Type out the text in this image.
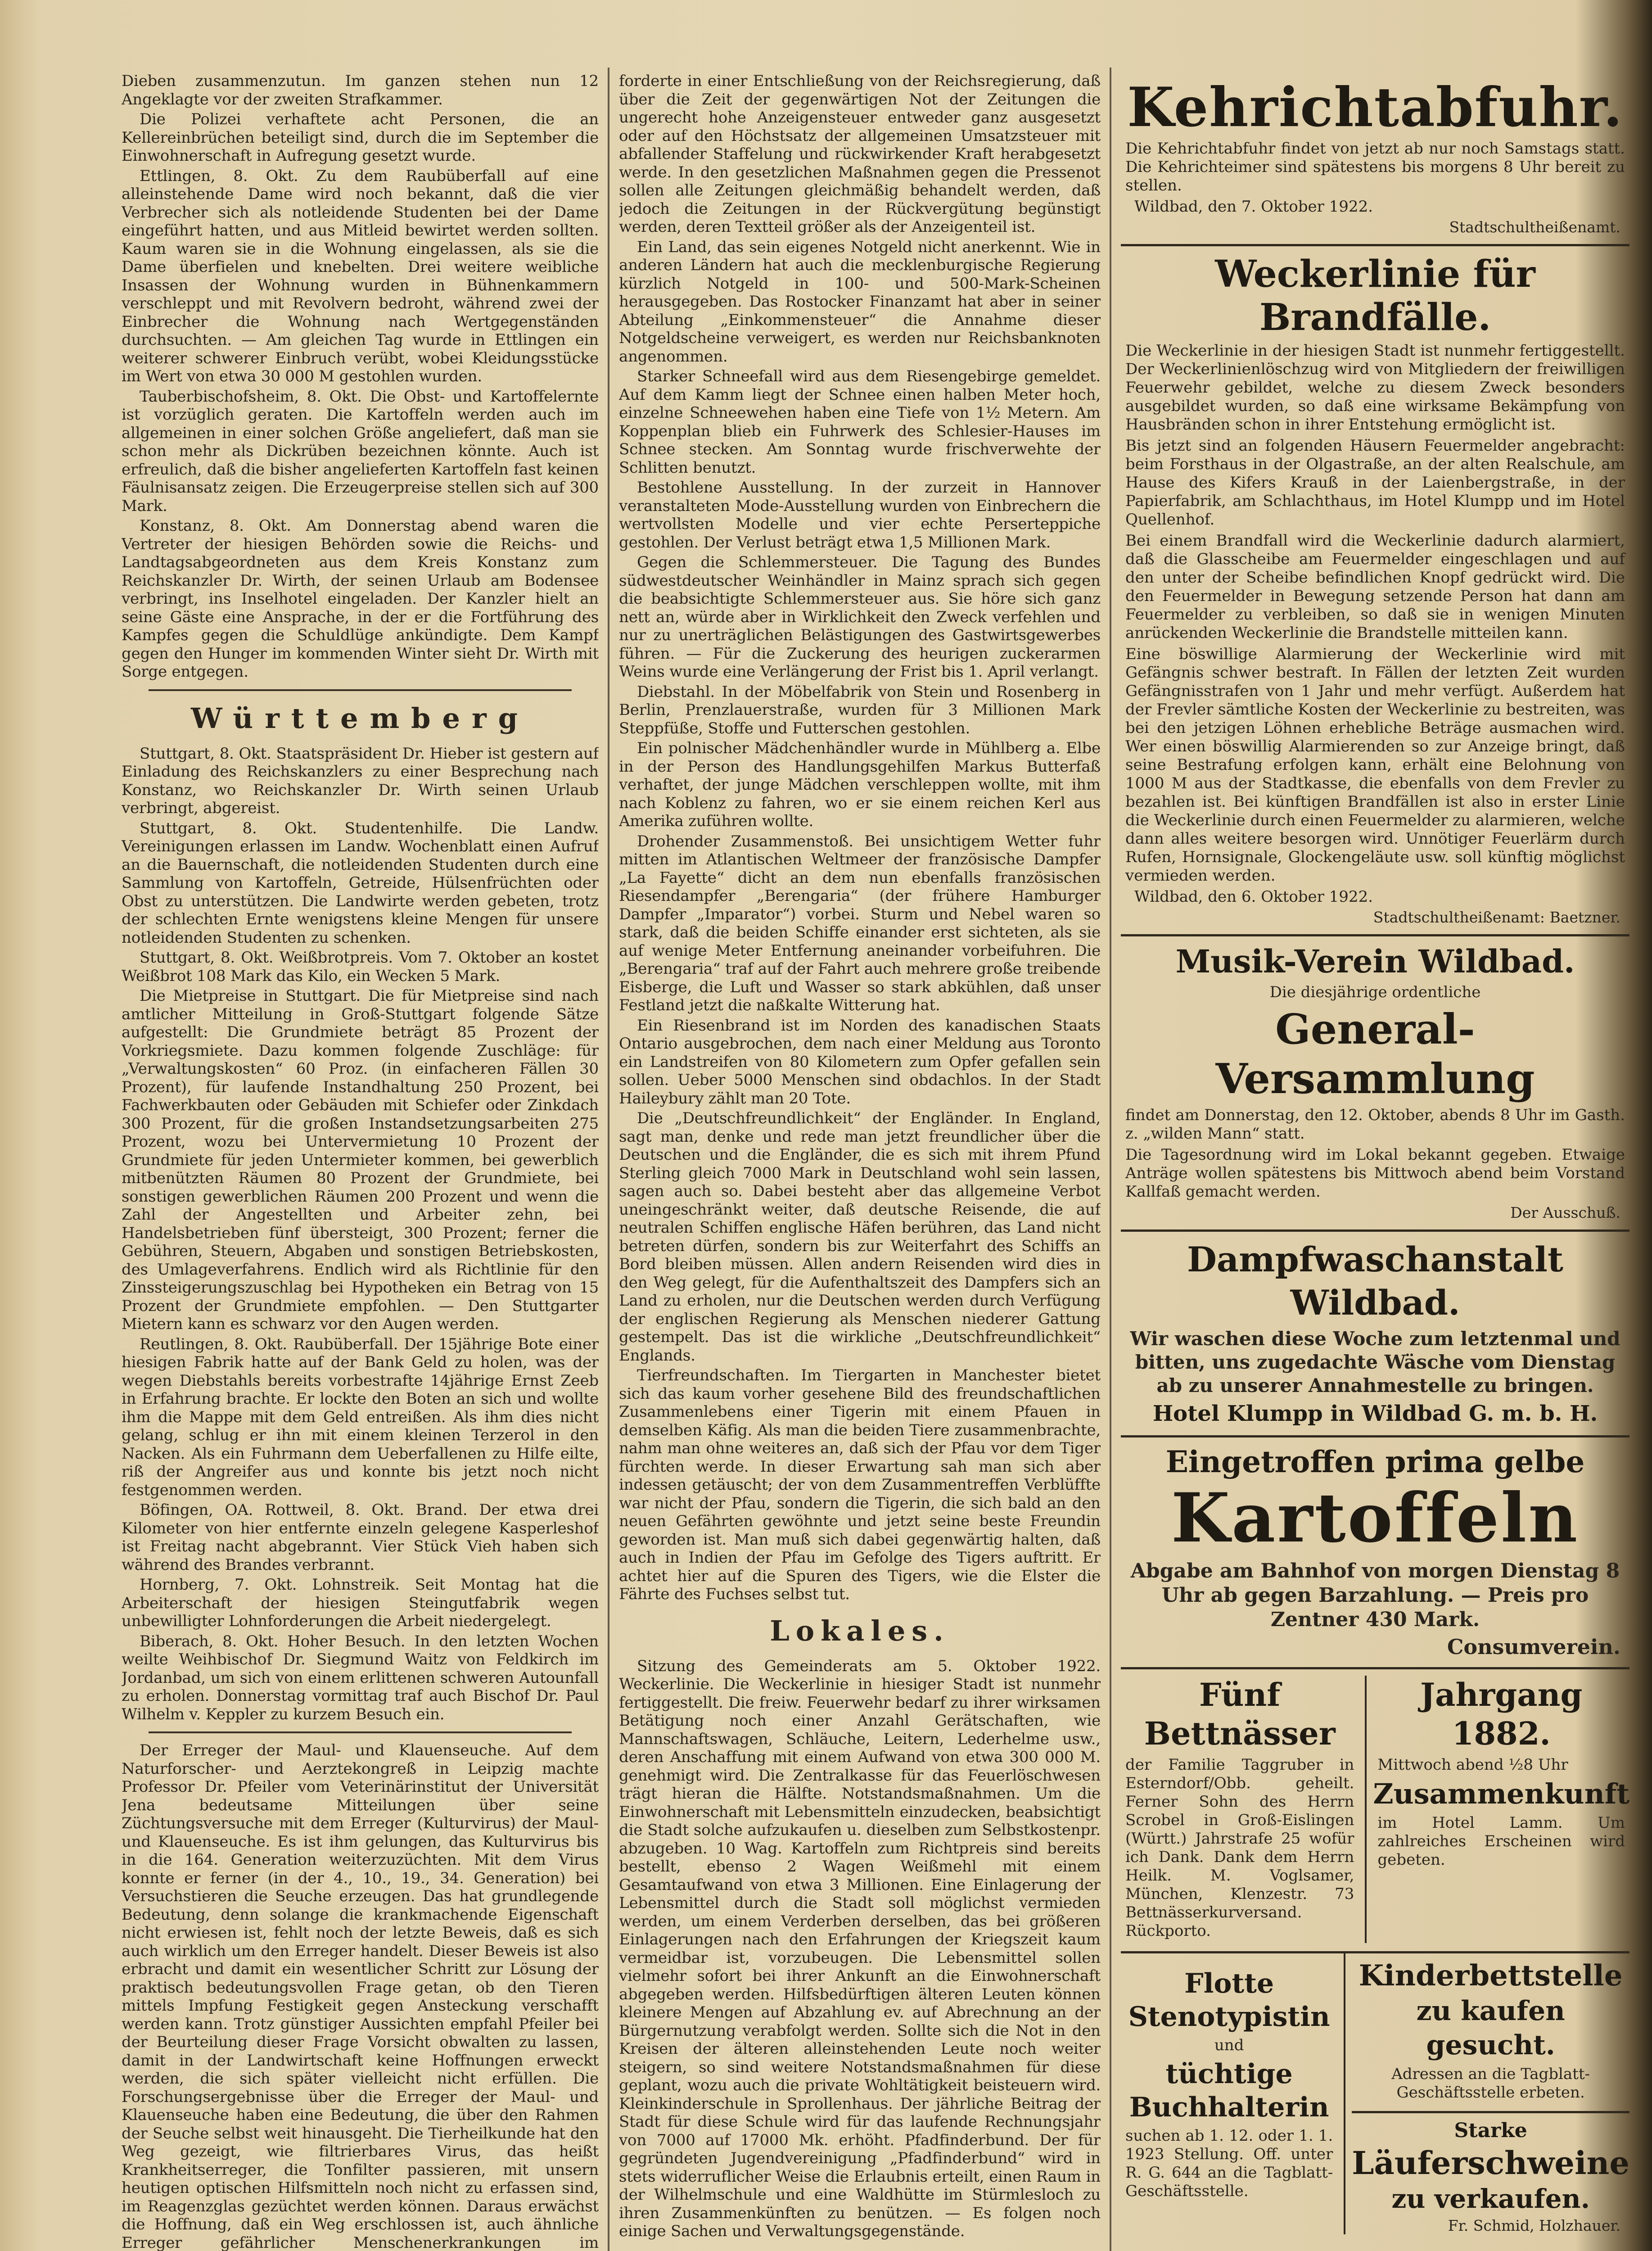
Dieben zusammenzutun. Im ganzen stehen nun 12 Angeklagte vor der zweiten Strafkammer.

Die Polizei verhaftete acht Personen, die an Kellereinbrüchen beteiligt sind, durch die im September die Einwohnerschaft in Aufregung gesetzt wurde.

Ettlingen, 8. Okt. Zu dem Raubüberfall auf eine alleinstehende Dame wird noch bekannt, daß die vier Verbrecher sich als notleidende Studenten bei der Dame eingeführt hatten, und aus Mitleid bewirtet werden sollten. Kaum waren sie in die Wohnung eingelassen, als sie die Dame überfielen und knebelten. Drei weitere weibliche Insassen der Wohnung wurden in Bühnenkammern verschleppt und mit Revolvern bedroht, während zwei der Einbrecher die Wohnung nach Wertgegenständen durchsuchten. — Am gleichen Tag wurde in Ettlingen ein weiterer schwerer Einbruch verübt, wobei Kleidungsstücke im Wert von etwa 30 000 M gestohlen wurden.

Tauberbischofsheim, 8. Okt. Die Obst- und Kartoffelernte ist vorzüglich geraten. Die Kartoffeln werden auch im allgemeinen in einer solchen Größe angeliefert, daß man sie schon mehr als Dickrüben bezeichnen könnte. Auch ist erfreulich, daß die bisher angelieferten Kartoffeln fast keinen Fäulnisansatz zeigen. Die Erzeugerpreise stellen sich auf 300 Mark.

Konstanz, 8. Okt. Am Donnerstag abend waren die Vertreter der hiesigen Behörden sowie die Reichs- und Landtagsabgeordneten aus dem Kreis Konstanz zum Reichskanzler Dr. Wirth, der seinen Urlaub am Bodensee verbringt, ins Inselhotel eingeladen. Der Kanzler hielt an seine Gäste eine Ansprache, in der er die Fortführung des Kampfes gegen die Schuldlüge ankündigte. Dem Kampf gegen den Hunger im kommenden Winter sieht Dr. Wirth mit Sorge entgegen.

Württemberg

Stuttgart, 8. Okt. Staatspräsident Dr. Hieber ist gestern auf Einladung des Reichskanzlers zu einer Besprechung nach Konstanz, wo Reichskanzler Dr. Wirth seinen Urlaub verbringt, abgereist.

Stuttgart, 8. Okt. Studentenhilfe. Die Landw. Vereinigungen erlassen im Landw. Wochenblatt einen Aufruf an die Bauernschaft, die notleidenden Studenten durch eine Sammlung von Kartoffeln, Getreide, Hülsenfrüchten oder Obst zu unterstützen. Die Landwirte werden gebeten, trotz der schlechten Ernte wenigstens kleine Mengen für unsere notleidenden Studenten zu schenken.

Stuttgart, 8. Okt. Weißbrotpreis. Vom 7. Oktober an kostet Weißbrot 108 Mark das Kilo, ein Wecken 5 Mark.

Die Mietpreise in Stuttgart. Die für Mietpreise sind nach amtlicher Mitteilung in Groß-Stuttgart folgende Sätze aufgestellt: Die Grundmiete beträgt 85 Prozent der Vorkriegsmiete. Dazu kommen folgende Zuschläge: für „Verwaltungskosten“ 60 Proz. (in einfacheren Fällen 30 Prozent), für laufende Instandhaltung 250 Prozent, bei Fachwerkbauten oder Gebäuden mit Schiefer oder Zinkdach 300 Prozent, für die großen Instandsetzungsarbeiten 275 Prozent, wozu bei Untervermietung 10 Prozent der Grundmiete für jeden Untermieter kommen, bei gewerblich mitbenützten Räumen 80 Prozent der Grundmiete, bei sonstigen gewerblichen Räumen 200 Prozent und wenn die Zahl der Angestellten und Arbeiter zehn, bei Handelsbetrieben fünf übersteigt, 300 Prozent; ferner die Gebühren, Steuern, Abgaben und sonstigen Betriebskosten, des Umlageverfahrens. Endlich wird als Richtlinie für den Zinssteigerungszuschlag bei Hypotheken ein Betrag von 15 Prozent der Grundmiete empfohlen. — Den Stuttgarter Mietern kann es schwarz vor den Augen werden.

Reutlingen, 8. Okt. Raubüberfall. Der 15jährige Bote einer hiesigen Fabrik hatte auf der Bank Geld zu holen, was der wegen Diebstahls bereits vorbestrafte 14jährige Ernst Zeeb in Erfahrung brachte. Er lockte den Boten an sich und wollte ihm die Mappe mit dem Geld entreißen. Als ihm dies nicht gelang, schlug er ihn mit einem kleinen Terzerol in den Nacken. Als ein Fuhrmann dem Ueberfallenen zu Hilfe eilte, riß der Angreifer aus und konnte bis jetzt noch nicht festgenommen werden.

Böfingen, OA. Rottweil, 8. Okt. Brand. Der etwa drei Kilometer von hier entfernte einzeln gelegene Kasperleshof ist Freitag nacht abgebrannt. Vier Stück Vieh haben sich während des Brandes verbrannt.

Hornberg, 7. Okt. Lohnstreik. Seit Montag hat die Arbeiterschaft der hiesigen Steingutfabrik wegen unbewilligter Lohnforderungen die Arbeit niedergelegt.

Biberach, 8. Okt. Hoher Besuch. In den letzten Wochen weilte Weihbischof Dr. Siegmund Waitz von Feldkirch im Jordanbad, um sich von einem erlittenen schweren Autounfall zu erholen. Donnerstag vormittag traf auch Bischof Dr. Paul Wilhelm v. Keppler zu kurzem Besuch ein.

Der Erreger der Maul- und Klauenseuche. Auf dem Naturforscher- und Aerztekongreß in Leipzig machte Professor Dr. Pfeiler vom Veterinärinstitut der Universität Jena bedeutsame Mitteilungen über seine Züchtungsversuche mit dem Erreger (Kulturvirus) der Maul- und Klauenseuche. Es ist ihm gelungen, das Kulturvirus bis in die 164. Generation weiterzuzüchten. Mit dem Virus konnte er ferner (in der 4., 10., 19., 34. Generation) bei Versuchstieren die Seuche erzeugen. Das hat grundlegende Bedeutung, denn solange die krankmachende Eigenschaft nicht erwiesen ist, fehlt noch der letzte Beweis, daß es sich auch wirklich um den Erreger handelt. Dieser Beweis ist also erbracht und damit ein wesentlicher Schritt zur Lösung der praktisch bedeutungsvollen Frage getan, ob den Tieren mittels Impfung Festigkeit gegen Ansteckung verschafft werden kann. Trotz günstiger Aussichten empfahl Pfeiler bei der Beurteilung dieser Frage Vorsicht obwalten zu lassen, damit in der Landwirtschaft keine Hoffnungen erweckt werden, die sich später vielleicht nicht erfüllen. Die Forschungsergebnisse über die Erreger der Maul- und Klauenseuche haben eine Bedeutung, die über den Rahmen der Seuche selbst weit hinausgeht. Die Tierheilkunde hat den Weg gezeigt, wie filtrierbares Virus, das heißt Krankheitserreger, die Tonfilter passieren, mit unsern heutigen optischen Hilfsmitteln noch nicht zu erfassen sind, im Reagenzglas gezüchtet werden können. Daraus erwächst die Hoffnung, daß ein Weg erschlossen ist, auch ähnliche Erreger gefährlicher Menschenerkrankungen im

forderte in einer Entschließung von der Reichsregierung, daß über die Zeit der gegenwärtigen Not der Zeitungen die ungerecht hohe Anzeigensteuer entweder ganz ausgesetzt oder auf den Höchstsatz der allgemeinen Umsatzsteuer mit abfallender Staffelung und rückwirkender Kraft herabgesetzt werde. In den gesetzlichen Maßnahmen gegen die Pressenot sollen alle Zeitungen gleichmäßig behandelt werden, daß jedoch die Zeitungen in der Rückvergütung begünstigt werden, deren Textteil größer als der Anzeigenteil ist.

Ein Land, das sein eigenes Notgeld nicht anerkennt. Wie in anderen Ländern hat auch die mecklenburgische Regierung kürzlich Notgeld in 100- und 500-Mark-Scheinen herausgegeben. Das Rostocker Finanzamt hat aber in seiner Abteilung „Einkommensteuer“ die Annahme dieser Notgeldscheine verweigert, es werden nur Reichsbanknoten angenommen.

Starker Schneefall wird aus dem Riesengebirge gemeldet. Auf dem Kamm liegt der Schnee einen halben Meter hoch, einzelne Schneewehen haben eine Tiefe von 1½ Metern. Am Koppenplan blieb ein Fuhrwerk des Schlesier-Hauses im Schnee stecken. Am Sonntag wurde frischverwehte der Schlitten benutzt.

Bestohlene Ausstellung. In der zurzeit in Hannover veranstalteten Mode-Ausstellung wurden von Einbrechern die wertvollsten Modelle und vier echte Perserteppiche gestohlen. Der Verlust beträgt etwa 1,5 Millionen Mark.

Gegen die Schlemmersteuer. Die Tagung des Bundes südwestdeutscher Weinhändler in Mainz sprach sich gegen die beabsichtigte Schlemmersteuer aus. Sie höre sich ganz nett an, würde aber in Wirklichkeit den Zweck verfehlen und nur zu unerträglichen Belästigungen des Gastwirtsgewerbes führen. — Für die Zuckerung des heurigen zuckerarmen Weins wurde eine Verlängerung der Frist bis 1. April verlangt.

Diebstahl. In der Möbelfabrik von Stein und Rosenberg in Berlin, Prenzlauerstraße, wurden für 3 Millionen Mark Steppfüße, Stoffe und Futterschen gestohlen.

Ein polnischer Mädchenhändler wurde in Mühlberg a. Elbe in der Person des Handlungsgehilfen Markus Butterfaß verhaftet, der junge Mädchen verschleppen wollte, mit ihm nach Koblenz zu fahren, wo er sie einem reichen Kerl aus Amerika zuführen wollte.

Drohender Zusammenstoß. Bei unsichtigem Wetter fuhr mitten im Atlantischen Weltmeer der französische Dampfer „La Fayette“ dicht an dem nun ebenfalls französischen Riesendampfer „Berengaria“ (der frühere Hamburger Dampfer „Imparator“) vorbei. Sturm und Nebel waren so stark, daß die beiden Schiffe einander erst sichteten, als sie auf wenige Meter Entfernung aneinander vorbeifuhren. Die „Berengaria“ traf auf der Fahrt auch mehrere große treibende Eisberge, die Luft und Wasser so stark abkühlen, daß unser Festland jetzt die naßkalte Witterung hat.

Ein Riesenbrand ist im Norden des kanadischen Staats Ontario ausgebrochen, dem nach einer Meldung aus Toronto ein Landstreifen von 80 Kilometern zum Opfer gefallen sein sollen. Ueber 5000 Menschen sind obdachlos. In der Stadt Haileybury zählt man 20 Tote.

Die „Deutschfreundlichkeit“ der Engländer. In England, sagt man, denke und rede man jetzt freundlicher über die Deutschen und die Engländer, die es sich mit ihrem Pfund Sterling gleich 7000 Mark in Deutschland wohl sein lassen, sagen auch so. Dabei besteht aber das allgemeine Verbot uneingeschränkt weiter, daß deutsche Reisende, die auf neutralen Schiffen englische Häfen berühren, das Land nicht betreten dürfen, sondern bis zur Weiterfahrt des Schiffs an Bord bleiben müssen. Allen andern Reisenden wird dies in den Weg gelegt, für die Aufenthaltszeit des Dampfers sich an Land zu erholen, nur die Deutschen werden durch Verfügung der englischen Regierung als Menschen niederer Gattung gestempelt. Das ist die wirkliche „Deutschfreundlichkeit“ Englands.

Tierfreundschaften. Im Tiergarten in Manchester bietet sich das kaum vorher gesehene Bild des freundschaftlichen Zusammenlebens einer Tigerin mit einem Pfauen in demselben Käfig. Als man die beiden Tiere zusammenbrachte, nahm man ohne weiteres an, daß sich der Pfau vor dem Tiger fürchten werde. In dieser Erwartung sah man sich aber indessen getäuscht; der von dem Zusammentreffen Verblüffte war nicht der Pfau, sondern die Tigerin, die sich bald an den neuen Gefährten gewöhnte und jetzt seine beste Freundin geworden ist. Man muß sich dabei gegenwärtig halten, daß auch in Indien der Pfau im Gefolge des Tigers auftritt. Er achtet hier auf die Spuren des Tigers, wie die Elster die Fährte des Fuchses selbst tut.

Lokales.

Sitzung des Gemeinderats am 5. Oktober 1922. Weckerlinie. Die Weckerlinie in hiesiger Stadt ist nunmehr fertiggestellt. Die freiw. Feuerwehr bedarf zu ihrer wirksamen Betätigung noch einer Anzahl Gerätschaften, wie Mannschaftswagen, Schläuche, Leitern, Lederhelme usw., deren Anschaffung mit einem Aufwand von etwa 300 000 M. genehmigt wird. Die Zentralkasse für das Feuerlöschwesen trägt hieran die Hälfte. Notstandsmaßnahmen. Um die Einwohnerschaft mit Lebensmitteln einzudecken, beabsichtigt die Stadt solche aufzukaufen u. dieselben zum Selbstkostenpr. abzugeben. 10 Wag. Kartoffeln zum Richtpreis sind bereits bestellt, ebenso 2 Wagen Weißmehl mit einem Gesamtaufwand von etwa 3 Millionen. Eine Einlagerung der Lebensmittel durch die Stadt soll möglichst vermieden werden, um einem Verderben derselben, das bei größeren Einlagerungen nach den Erfahrungen der Kriegszeit kaum vermeidbar ist, vorzubeugen. Die Lebensmittel sollen vielmehr sofort bei ihrer Ankunft an die Einwohnerschaft abgegeben werden. Hilfsbedürftigen älteren Leuten können kleinere Mengen auf Abzahlung ev. auf Abrechnung an der Bürgernutzung verabfolgt werden. Sollte sich die Not in den Kreisen der älteren alleinstehenden Leute noch weiter steigern, so sind weitere Notstandsmaßnahmen für diese geplant, wozu auch die private Wohltätigkeit beisteuern wird. Kleinkinderschule in Sprollenhaus. Der jährliche Beitrag der Stadt für diese Schule wird für das laufende Rechnungsjahr von 7000 auf 17000 Mk. erhöht. Pfadfinderbund. Der für gegründeten Jugendvereinigung „Pfadfinderbund“ wird in stets widerruflicher Weise die Erlaubnis erteilt, einen Raum in der Wilhelmschule und eine Waldhütte im Stürmlesloch zu ihren Zusammenkünften zu benützen. — Es folgen noch einige Sachen und Verwaltungsgegenstände.

Kehrichtabfuhr.
Die Kehrichtabfuhr findet von jetzt ab nur noch Samstags statt. Die Kehrichteimer sind spätestens bis morgens 8 Uhr bereit zu stellen.
Wildbad, den 7. Oktober 1922.
Stadtschultheißenamt.
Weckerlinie für Brandfälle.
Die Weckerlinie in der hiesigen Stadt ist nunmehr fertiggestellt. Der Weckerlinienlöschzug wird von Mitgliedern der freiwilligen Feuerwehr gebildet, welche zu diesem Zweck besonders ausgebildet wurden, so daß eine wirksame Bekämpfung von Hausbränden schon in ihrer Entstehung ermöglicht ist.
Bis jetzt sind an folgenden Häusern Feuermelder angebracht: beim Forsthaus in der Olgastraße, an der alten Realschule, am Hause des Kifers Krauß in der Laienbergstraße, in der Papierfabrik, am Schlachthaus, im Hotel Klumpp und im Hotel Quellenhof.
Bei einem Brandfall wird die Weckerlinie dadurch alarmiert, daß die Glasscheibe am Feuermelder eingeschlagen und auf den unter der Scheibe befindlichen Knopf gedrückt wird. Die den Feuermelder in Bewegung setzende Person hat dann am Feuermelder zu verbleiben, so daß sie in wenigen Minuten anrückenden Weckerlinie die Brandstelle mitteilen kann.
Eine böswillige Alarmierung der Weckerlinie wird mit Gefängnis schwer bestraft. In Fällen der letzten Zeit wurden Gefängnisstrafen von 1 Jahr und mehr verfügt. Außerdem hat der Frevler sämtliche Kosten der Weckerlinie zu bestreiten, was bei den jetzigen Löhnen erhebliche Beträge ausmachen wird. Wer einen böswillig Alarmierenden so zur Anzeige bringt, daß seine Bestrafung erfolgen kann, erhält eine Belohnung von 1000 M aus der Stadtkasse, die ebenfalls von dem Frevler zu bezahlen ist. Bei künftigen Brandfällen ist also in erster Linie die Weckerlinie durch einen Feuermelder zu alarmieren, welche dann alles weitere besorgen wird. Unnötiger Feuerlärm durch Rufen, Hornsignale, Glockengeläute usw. soll künftig möglichst vermieden werden.
Wildbad, den 6. Oktober 1922.
Stadtschultheißenamt: Baetzner.
Musik-Verein Wildbad.
Die diesjährige ordentliche
General-Versammlung
findet am Donnerstag, den 12. Oktober, abends 8 Uhr im Gasth. z. „wilden Mann“ statt.
Die Tagesordnung wird im Lokal bekannt gegeben. Etwaige Anträge wollen spätestens bis Mittwoch abend beim Vorstand Kallfaß gemacht werden.
Der Ausschuß.
Dampfwaschanstalt Wildbad.
Wir waschen diese Woche zum letztenmal und bitten, uns zugedachte Wäsche vom Dienstag ab zu unserer Annahmestelle zu bringen.
Hotel Klumpp in Wildbad G. m. b. H.
Eingetroffen prima gelbe
Kartoffeln
Abgabe am Bahnhof von morgen Dienstag 8 Uhr ab gegen Barzahlung. — Preis pro Zentner 430 Mark.
Consumverein.
Fünf Bettnässer
der Familie Taggruber in Esterndorf/Obb. geheilt. Ferner Sohn des Herrn Scrobel in Groß-Eislingen (Württ.) Jahrstrafe 25 wofür ich Dank. Dank dem Herrn Heilk. M. Voglsamer, München, Klenzestr. 73 Bettnässerkurversand. Rückporto.
Jahrgang 1882.
Mittwoch abend ½8 Uhr
Zusammenkunft
im Hotel Lamm. Um zahlreiches Erscheinen wird gebeten.
Flotte Stenotypistin
und
tüchtige Buchhalterin
suchen ab 1. 12. oder 1. 1. 1923 Stellung. Off. unter R. G. 644 an die Tagblatt-Geschäftsstelle.
Kinderbettstelle
zu kaufen gesucht.
Adressen an die Tagblatt-Geschäftsstelle erbeten.
Starke
Läuferschweine
zu verkaufen.
Fr. Schmid, Holzhauer.
